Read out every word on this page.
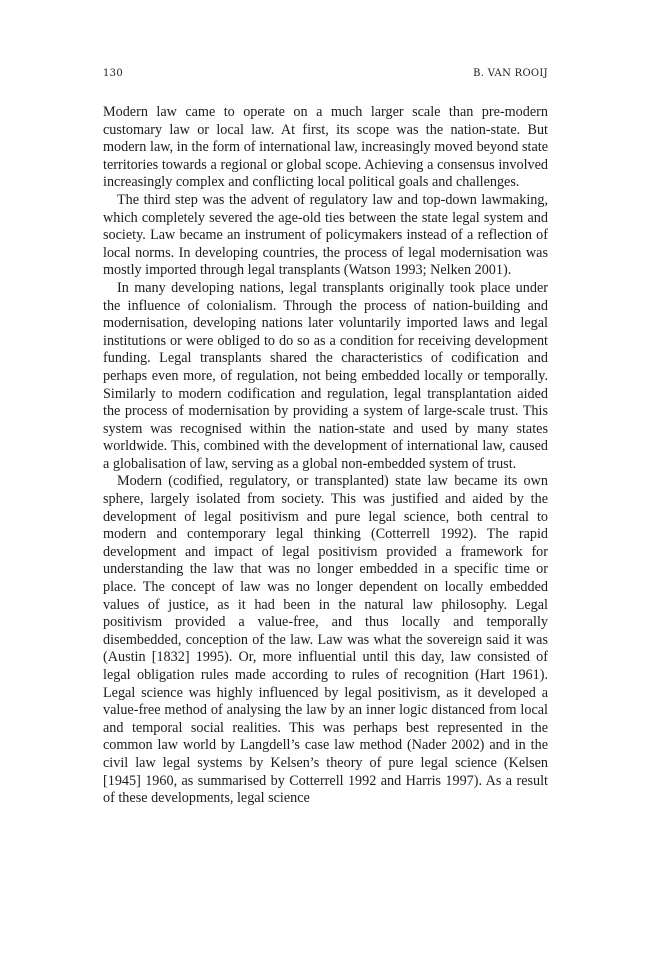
130	B. VAN ROOIJ

Modern law came to operate on a much larger scale than pre-modern customary law or local law. At first, its scope was the nation-state. But modern law, in the form of international law, increasingly moved beyond state territories towards a regional or global scope. Achieving a consensus involved increasingly complex and conflicting local political goals and challenges.

The third step was the advent of regulatory law and top-down lawmaking, which completely severed the age-old ties between the state legal system and society. Law became an instrument of policymakers instead of a reflection of local norms. In developing countries, the process of legal modernisation was mostly imported through legal transplants (Watson 1993; Nelken 2001).

In many developing nations, legal transplants originally took place under the influence of colonialism. Through the process of nation-building and modernisation, developing nations later voluntarily imported laws and legal institutions or were obliged to do so as a condition for receiving development funding. Legal transplants shared the characteristics of codification and perhaps even more, of regulation, not being embedded locally or temporally. Similarly to modern codification and regulation, legal transplantation aided the process of modernisation by providing a system of large-scale trust. This system was recognised within the nation-state and used by many states worldwide. This, combined with the development of international law, caused a globalisation of law, serving as a global non-embedded system of trust.

Modern (codified, regulatory, or transplanted) state law became its own sphere, largely isolated from society. This was justified and aided by the development of legal positivism and pure legal science, both central to modern and contemporary legal thinking (Cotterrell 1992). The rapid development and impact of legal positivism provided a framework for understanding the law that was no longer embedded in a specific time or place. The concept of law was no longer dependent on locally embedded values of justice, as it had been in the natural law philosophy. Legal positivism provided a value-free, and thus locally and temporally disembedded, conception of the law. Law was what the sovereign said it was (Austin [1832] 1995). Or, more influential until this day, law consisted of legal obligation rules made according to rules of recognition (Hart 1961). Legal science was highly influenced by legal positivism, as it developed a value-free method of analysing the law by an inner logic distanced from local and temporal social realities. This was perhaps best represented in the common law world by Langdell’s case law method (Nader 2002) and in the civil law legal systems by Kelsen’s theory of pure legal science (Kelsen [1945] 1960, as summarised by Cotterrell 1992 and Harris 1997). As a result of these developments, legal science
